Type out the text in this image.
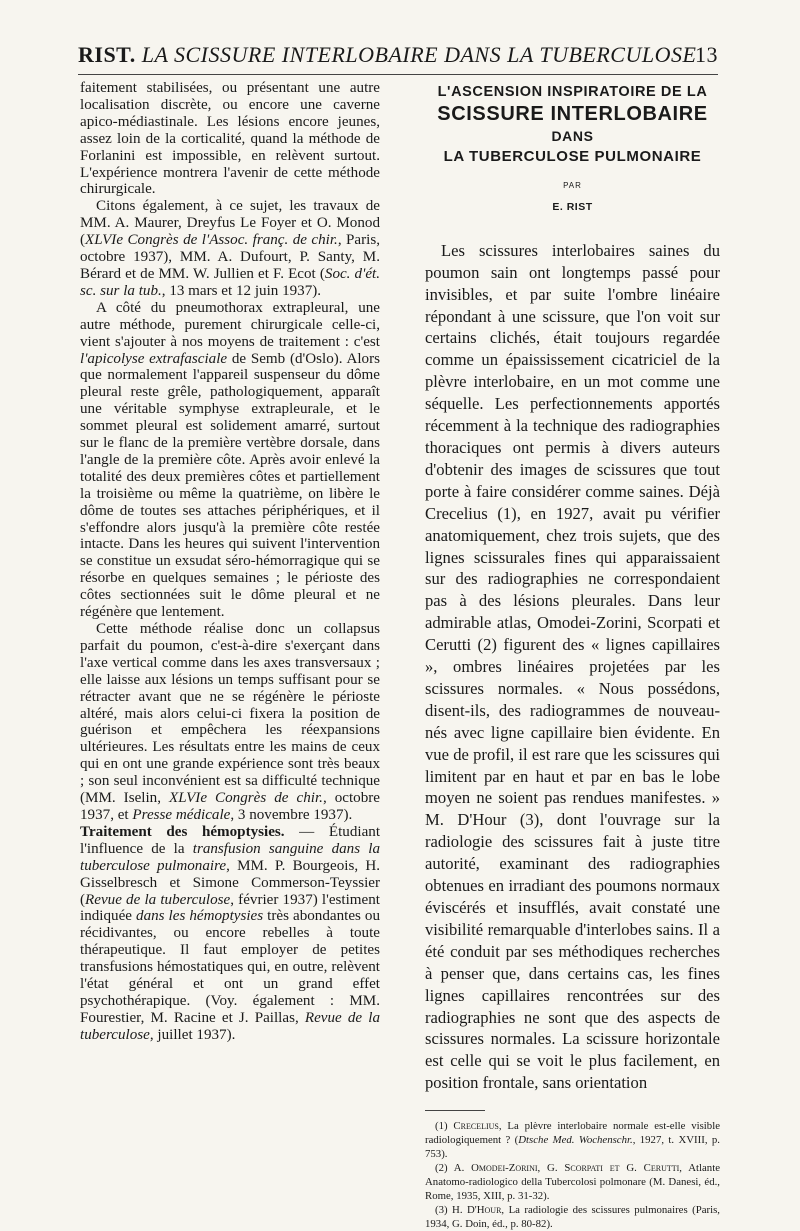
RIST. LA SCISSURE INTERLOBAIRE DANS LA TUBERCULOSE
13

faitement stabilisées, ou présentant une autre localisation discrète, ou encore une caverne apico-médiastinale. Les lésions encore jeunes, assez loin de la corticalité, quand la méthode de Forlanini est impossible, en relèvent surtout. L'expérience montrera l'avenir de cette méthode chirurgicale.

Citons également, à ce sujet, les travaux de MM. A. Maurer, Dreyfus Le Foyer et O. Monod (XLVIe Congrès de l'Assoc. franç. de chir., Paris, octobre 1937), MM. A. Dufourt, P. Santy, M. Bérard et de MM. W. Jullien et F. Ecot (Soc. d'ét. sc. sur la tub., 13 mars et 12 juin 1937).

A côté du pneumothorax extrapleural, une autre méthode, purement chirurgicale celle-ci, vient s'ajouter à nos moyens de traitement : c'est l'apicolyse extrafasciale de Semb (d'Oslo). Alors que normalement l'appareil suspenseur du dôme pleural reste grêle, pathologiquement, apparaît une véritable symphyse extrapleurale, et le sommet pleural est solidement amarré, surtout sur le flanc de la première vertèbre dorsale, dans l'angle de la première côte. Après avoir enlevé la totalité des deux premières côtes et partiellement la troisième ou même la quatrième, on libère le dôme de toutes ses attaches périphériques, et il s'effondre alors jusqu'à la première côte restée intacte. Dans les heures qui suivent l'intervention se constitue un exsudat séro-hémorragique qui se résorbe en quelques semaines ; le périoste des côtes sectionnées suit le dôme pleural et ne régénère que lentement.

Cette méthode réalise donc un collapsus parfait du poumon, c'est-à-dire s'exerçant dans l'axe vertical comme dans les axes transversaux ; elle laisse aux lésions un temps suffisant pour se rétracter avant que ne se régénère le périoste altéré, mais alors celui-ci fixera la position de guérison et empêchera les réexpansions ultérieures. Les résultats entre les mains de ceux qui en ont une grande expérience sont très beaux ; son seul inconvénient est sa difficulté technique (MM. Iselin, XLVIe Congrès de chir., octobre 1937, et Presse médicale, 3 novembre 1937).

Traitement des hémoptysies. — Étudiant l'influence de la transfusion sanguine dans la tuberculose pulmonaire, MM. P. Bourgeois, H. Gisselbresch et Simone Commerson-Teyssier (Revue de la tuberculose, février 1937) l'estiment indiquée dans les hémoptysies très abondantes ou récidivantes, ou encore rebelles à toute thérapeutique. Il faut employer de petites transfusions hémostatiques qui, en outre, relèvent l'état général et ont un grand effet psychothérapique. (Voy. également : MM. Fourestier, M. Racine et J. Paillas, Revue de la tuberculose, juillet 1937).

L'ASCENSION INSPIRATOIRE DE LA
SCISSURE INTERLOBAIRE
DANS
LA TUBERCULOSE PULMONAIRE
PAR
E. RIST

Les scissures interlobaires saines du poumon sain ont longtemps passé pour invisibles, et par suite l'ombre linéaire répondant à une scissure, que l'on voit sur certains clichés, était toujours regardée comme un épaississement cicatriciel de la plèvre interlobaire, en un mot comme une séquelle. Les perfectionnements apportés récemment à la technique des radiographies thoraciques ont permis à divers auteurs d'obtenir des images de scissures que tout porte à faire considérer comme saines. Déjà Crecelius (1), en 1927, avait pu vérifier anatomiquement, chez trois sujets, que des lignes scissurales fines qui apparaissaient sur des radiographies ne correspondaient pas à des lésions pleurales. Dans leur admirable atlas, Omodei-Zorini, Scorpati et Cerutti (2) figurent des « lignes capillaires », ombres linéaires projetées par les scissures normales. « Nous possédons, disent-ils, des radiogrammes de nouveau-nés avec ligne capillaire bien évidente. En vue de profil, il est rare que les scissures qui limitent par en haut et par en bas le lobe moyen ne soient pas rendues manifestes. » M. D'Hour (3), dont l'ouvrage sur la radiologie des scissures fait à juste titre autorité, examinant des radiographies obtenues en irradiant des poumons normaux éviscérés et insufflés, avait constaté une visibilité remarquable d'interlobes sains. Il a été conduit par ses méthodiques recherches à penser que, dans certains cas, les fines lignes capillaires rencontrées sur des radiographies ne sont que des aspects de scissures normales. La scissure horizontale est celle qui se voit le plus facilement, en position frontale, sans orientation

(1) Crecelius, La plèvre interlobaire normale est-elle visible radiologiquement ? (Dtsche Med. Wochenschr., 1927, t. XVIII, p. 753).

(2) A. Omodei-Zorini, G. Scorpati et G. Cerutti, Atlante Anatomo-radiologico della Tubercolosi polmonare (M. Danesi, éd., Rome, 1935, XIII, p. 31-32).

(3) H. D'Hour, La radiologie des scissures pulmonaires (Paris, 1934, G. Doin, éd., p. 80-82).
